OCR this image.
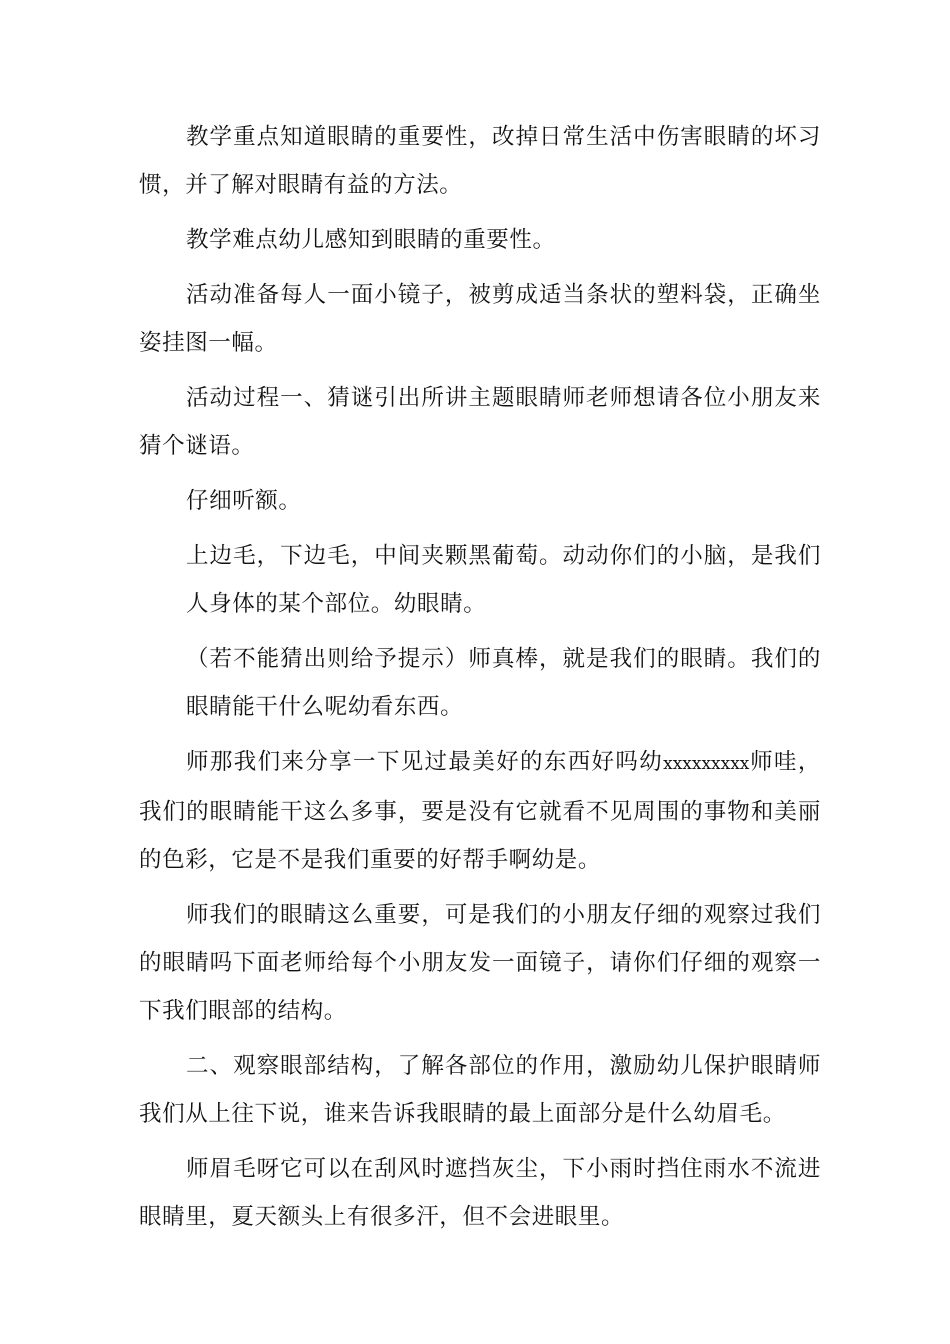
教学重点知道眼睛的重要性，改掉日常生活中伤害眼睛的坏习惯，并了解对眼睛有益的方法。

教学难点幼儿感知到眼睛的重要性。

活动准备每人一面小镜子，被剪成适当条状的塑料袋，正确坐姿挂图一幅。

活动过程一、猜谜引出所讲主题眼睛师老师想请各位小朋友来猜个谜语。

仔细听额。

上边毛，下边毛，中间夹颗黑葡萄。动动你们的小脑，是我们人身体的某个部位。幼眼睛。

（若不能猜出则给予提示）师真棒，就是我们的眼睛。我们的眼睛能干什么呢幼看东西。

师那我们来分享一下见过最美好的东西好吗幼xxxxxxxxx师哇，我们的眼睛能干这么多事，要是没有它就看不见周围的事物和美丽的色彩，它是不是我们重要的好帮手啊幼是。

师我们的眼睛这么重要，可是我们的小朋友仔细的观察过我们的眼睛吗下面老师给每个小朋友发一面镜子，请你们仔细的观察一下我们眼部的结构。

二、观察眼部结构，了解各部位的作用，激励幼儿保护眼睛师我们从上往下说，谁来告诉我眼睛的最上面部分是什么幼眉毛。

师眉毛呀它可以在刮风时遮挡灰尘，下小雨时挡住雨水不流进眼睛里，夏天额头上有很多汗，但不会进眼里。
